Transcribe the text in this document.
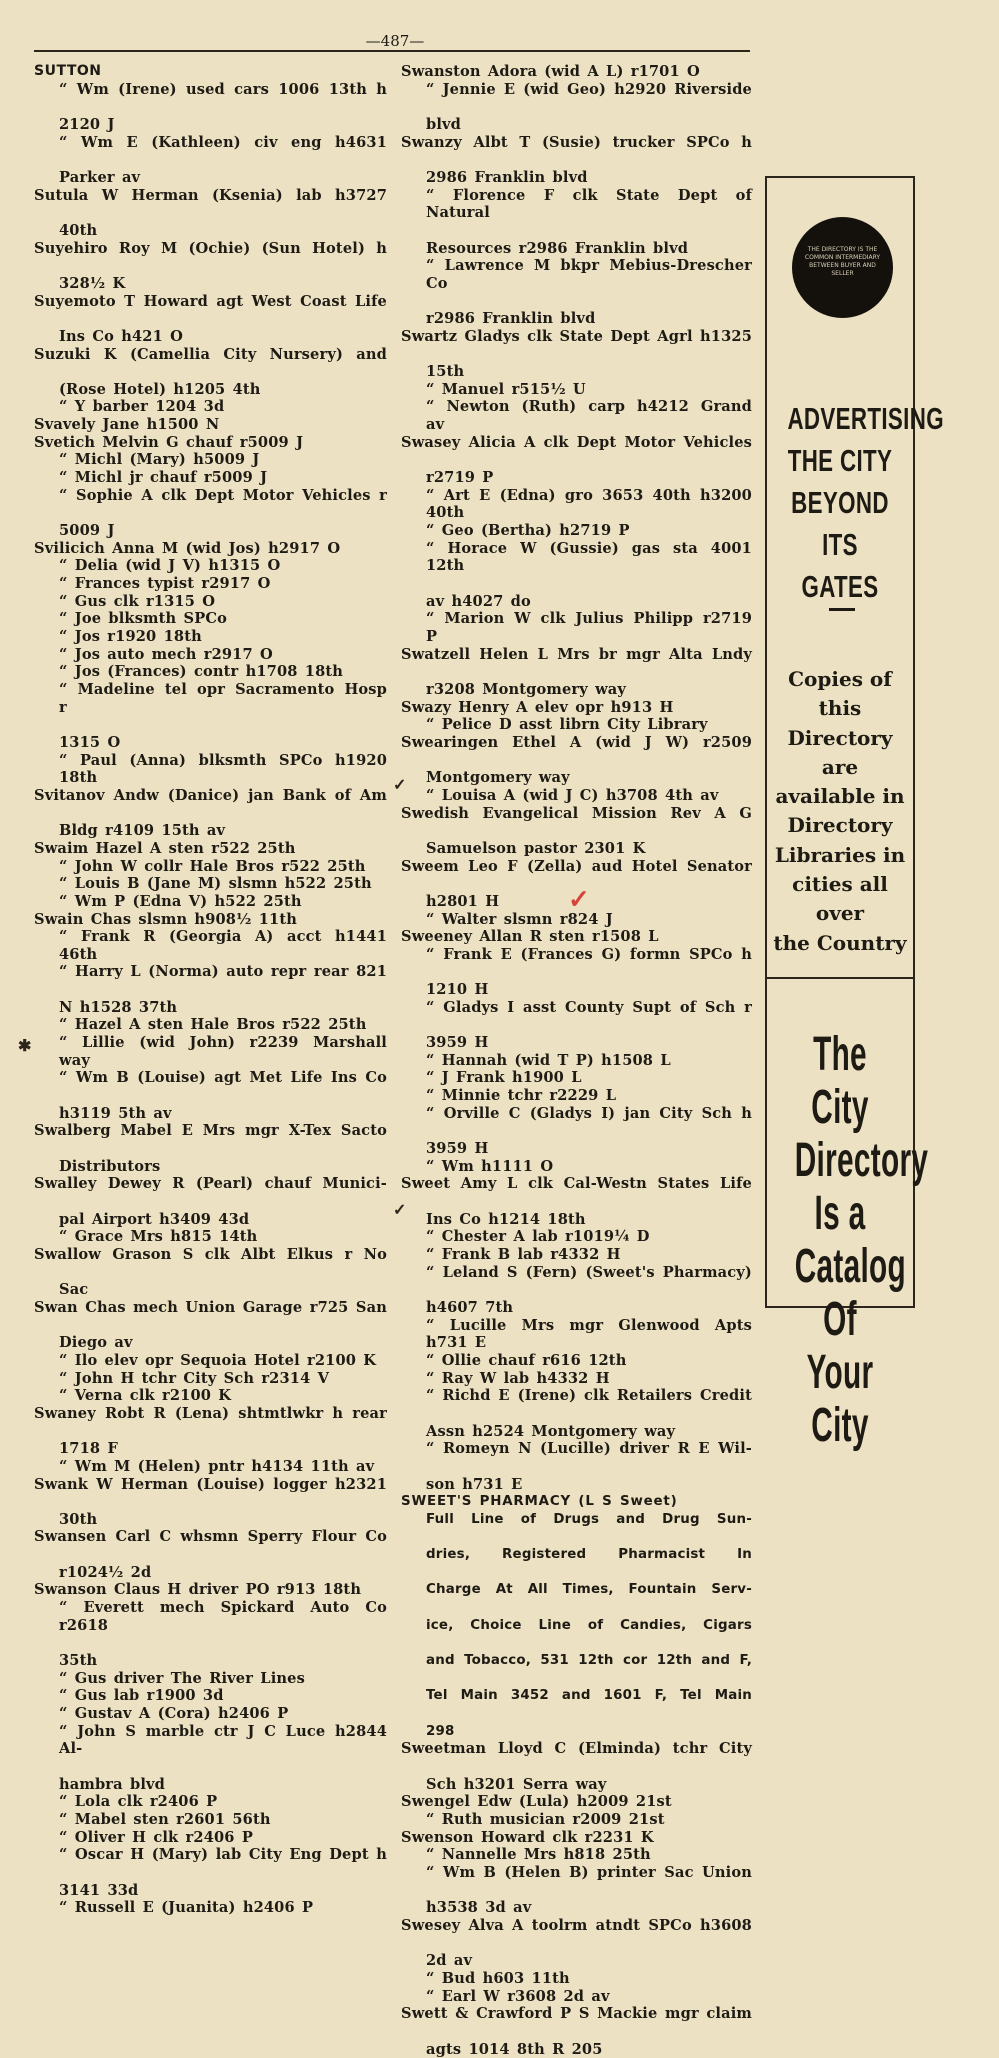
—487—
SUTTON
“ Wm (Irene) used cars 1006 13th h
2120 J
“ Wm E (Kathleen) civ eng h4631
Parker av
Sutula W Herman (Ksenia) lab h3727
40th
Suyehiro Roy M (Ochie) (Sun Hotel) h
328½ K
Suyemoto T Howard agt West Coast Life
Ins Co h421 O
Suzuki K (Camellia City Nursery) and
(Rose Hotel) h1205 4th
“ Y barber 1204 3d
Svavely Jane h1500 N
Svetich Melvin G chauf r5009 J
“ Michl (Mary) h5009 J
“ Michl jr chauf r5009 J
“ Sophie A clk Dept Motor Vehicles r
5009 J
Svilicich Anna M (wid Jos) h2917 O
“ Delia (wid J V) h1315 O
“ Frances typist r2917 O
“ Gus clk r1315 O
“ Joe blksmth SPCo
“ Jos r1920 18th
“ Jos auto mech r2917 O
“ Jos (Frances) contr h1708 18th
“ Madeline tel opr Sacramento Hosp r
1315 O
“ Paul (Anna) blksmth SPCo h1920 18th
Svitanov Andw (Danice) jan Bank of Am
Bldg r4109 15th av
Swaim Hazel A sten r522 25th
“ John W collr Hale Bros r522 25th
“ Louis B (Jane M) slsmn h522 25th
“ Wm P (Edna V) h522 25th
Swain Chas slsmn h908½ 11th
“ Frank R (Georgia A) acct h1441 46th
“ Harry L (Norma) auto repr rear 821
N h1528 37th
“ Hazel A sten Hale Bros r522 25th
“ Lillie (wid John) r2239 Marshall way
“ Wm B (Louise) agt Met Life Ins Co
h3119 5th av
Swalberg Mabel E Mrs mgr X-Tex Sacto
Distributors
Swalley Dewey R (Pearl) chauf Munici-
pal Airport h3409 43d
“ Grace Mrs h815 14th
Swallow Grason S clk Albt Elkus r No
Sac
Swan Chas mech Union Garage r725 San
Diego av
“ Ilo elev opr Sequoia Hotel r2100 K
“ John H tchr City Sch r2314 V
“ Verna clk r2100 K
Swaney Robt R (Lena) shtmtlwkr h rear
1718 F
“ Wm M (Helen) pntr h4134 11th av
Swank W Herman (Louise) logger h2321
30th
Swansen Carl C whsmn Sperry Flour Co
r1024½ 2d
Swanson Claus H driver PO r913 18th
“ Everett mech Spickard Auto Co r2618
35th
“ Gus driver The River Lines
“ Gus lab r1900 3d
“ Gustav A (Cora) h2406 P
“ John S marble ctr J C Luce h2844 Al-
hambra blvd
“ Lola clk r2406 P
“ Mabel sten r2601 56th
“ Oliver H clk r2406 P
“ Oscar H (Mary) lab City Eng Dept h
3141 33d
“ Russell E (Juanita) h2406 P
Swanston Adora (wid A L) r1701 O
“ Jennie E (wid Geo) h2920 Riverside
blvd
Swanzy Albt T (Susie) trucker SPCo h
2986 Franklin blvd
“ Florence F clk State Dept of Natural
Resources r2986 Franklin blvd
“ Lawrence M bkpr Mebius-Drescher Co
r2986 Franklin blvd
Swartz Gladys clk State Dept Agrl h1325
15th
“ Manuel r515½ U
“ Newton (Ruth) carp h4212 Grand av
Swasey Alicia A clk Dept Motor Vehicles
r2719 P
“ Art E (Edna) gro 3653 40th h3200 40th
“ Geo (Bertha) h2719 P
“ Horace W (Gussie) gas sta 4001 12th
av h4027 do
“ Marion W clk Julius Philipp r2719 P
Swatzell Helen L Mrs br mgr Alta Lndy
r3208 Montgomery way
Swazy Henry A elev opr h913 H
“ Pelice D asst librn City Library
Swearingen Ethel A (wid J W) r2509
Montgomery way
“ Louisa A (wid J C) h3708 4th av
Swedish Evangelical Mission Rev A G
Samuelson pastor 2301 K
Sweem Leo F (Zella) aud Hotel Senator
h2801 H
“ Walter slsmn r824 J
Sweeney Allan R sten r1508 L
“ Frank E (Frances G) formn SPCo h
1210 H
“ Gladys I asst County Supt of Sch r
3959 H
“ Hannah (wid T P) h1508 L
“ J Frank h1900 L
“ Minnie tchr r2229 L
“ Orville C (Gladys I) jan City Sch h
3959 H
“ Wm h1111 O
Sweet Amy L clk Cal-Westn States Life
Ins Co h1214 18th
“ Chester A lab r1019¼ D
“ Frank B lab r4332 H
“ Leland S (Fern) (Sweet's Pharmacy)
h4607 7th
“ Lucille Mrs mgr Glenwood Apts h731 E
“ Ollie chauf r616 12th
“ Ray W lab h4332 H
“ Richd E (Irene) clk Retailers Credit
Assn h2524 Montgomery way
“ Romeyn N (Lucille) driver R E Wil-
son h731 E
SWEET'S PHARMACY (L S Sweet)
Full Line of Drugs and Drug Sun-
dries, Registered Pharmacist In
Charge At All Times, Fountain Serv-
ice, Choice Line of Candies, Cigars
and Tobacco, 531 12th cor 12th and F,
Tel Main 3452 and 1601 F, Tel Main
298
Sweetman Lloyd C (Elminda) tchr City
Sch h3201 Serra way
Swengel Edw (Lula) h2009 21st
“ Ruth musician r2009 21st
Swenson Howard clk r2231 K
“ Nannelle Mrs h818 25th
“ Wm B (Helen B) printer Sac Union
h3538 3d av
Swesey Alva A toolrm atndt SPCo h3608
2d av
“ Bud h603 11th
“ Earl W r3608 2d av
Swett & Crawford P S Mackie mgr claim
agts 1014 8th R 205
THE DIRECTORY IS THE COMMON INTERMEDIARY BETWEEN BUYER AND SELLER
ADVERTISING
THE CITY
BEYOND
ITS GATES
Copies of
this
Directory are
available in
Directory
Libraries in
cities all
over
the Country
The City
Directory
Is a
Catalog Of
Your City
✱
✓
✓
✓
